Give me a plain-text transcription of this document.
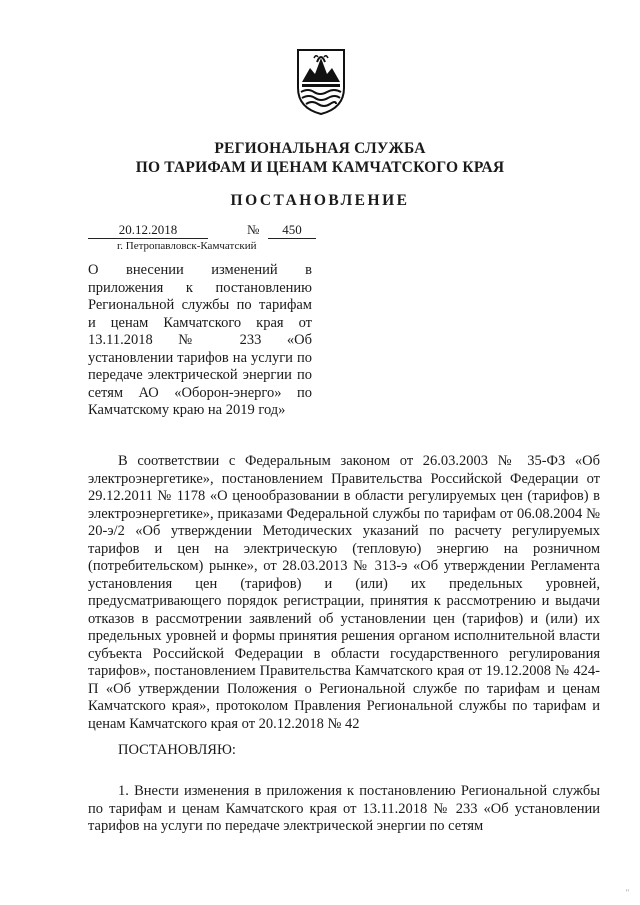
РЕГИОНАЛЬНАЯ СЛУЖБА
ПО ТАРИФАМ И ЦЕНАМ КАМЧАТСКОГО КРАЯ
ПОСТАНОВЛЕНИЕ
20.12.2018	№	450
г. Петропавловск-Камчатский
О внесении изменений в приложения к постановлению Региональной службы по тарифам и ценам Камчатского края от 13.11.2018 № 233 «Об установлении тарифов на услуги по передаче электрической энергии по сетям АО «Оборон-энерго» по Камчатскому краю на 2019 год»

В соответствии с Федеральным законом от 26.03.2003 № 35-ФЗ «Об электроэнергетике», постановлением Правительства Российской Федерации от 29.12.2011 № 1178 «О ценообразовании в области регулируемых цен (тарифов) в электроэнергетике», приказами Федеральной службы по тарифам от 06.08.2004 № 20-э/2 «Об утверждении Методических указаний по расчету регулируемых тарифов и цен на электрическую (тепловую) энергию на розничном (потребительском) рынке», от 28.03.2013 № 313-э «Об утверждении Регламента установления цен (тарифов) и (или) их предельных уровней, предусматривающего порядок регистрации, принятия к рассмотрению и выдачи отказов в рассмотрении заявлений об установлении цен (тарифов) и (или) их предельных уровней и формы принятия решения органом исполнительной власти субъекта Российской Федерации в области государственного регулирования тарифов», постановлением Правительства Камчатского края от 19.12.2008 № 424-П «Об утверждении Положения о Региональной службе по тарифам и ценам Камчатского края», протоколом Правления Региональной службы по тарифам и ценам Камчатского края от 20.12.2018 № 42

ПОСТАНОВЛЯЮ:

1. Внести изменения в приложения к постановлению Региональной службы по тарифам и ценам Камчатского края от 13.11.2018 № 233 «Об установлении тарифов на услуги по передаче электрической энергии по сетям

''
